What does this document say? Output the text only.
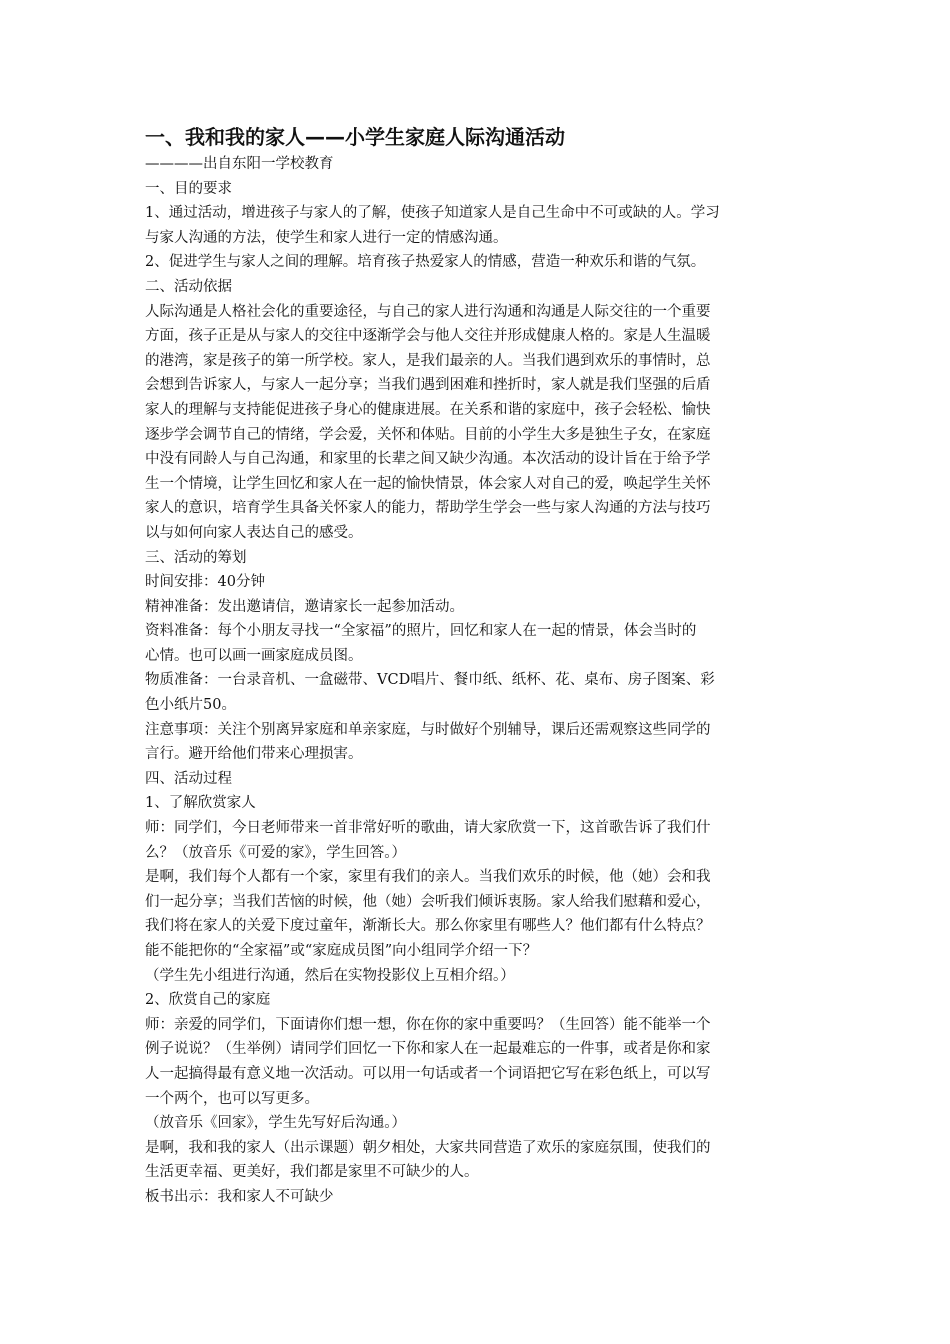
一、我和我的家人——小学生家庭人际沟通活动

————出自东阳一学校教育

一、目的要求

1、通过活动，增进孩子与家人的了解，使孩子知道家人是自己生命中不可或缺的人。学习

与家人沟通的方法，使学生和家人进行一定的情感沟通。

2、促进学生与家人之间的理解。培育孩子热爱家人的情感，营造一种欢乐和谐的气氛。

二、活动依据

人际沟通是人格社会化的重要途径，与自己的家人进行沟通和沟通是人际交往的一个重要

方面，孩子正是从与家人的交往中逐渐学会与他人交往并形成健康人格的。家是人生温暖

的港湾，家是孩子的第一所学校。家人，是我们最亲的人。当我们遇到欢乐的事情时，总

会想到告诉家人，与家人一起分享；当我们遇到困难和挫折时，家人就是我们坚强的后盾

家人的理解与支持能促进孩子身心的健康进展。在关系和谐的家庭中，孩子会轻松、愉快

逐步学会调节自己的情绪，学会爱，关怀和体贴。目前的小学生大多是独生子女，在家庭

中没有同龄人与自己沟通，和家里的长辈之间又缺少沟通。本次活动的设计旨在于给予学

生一个情境，让学生回忆和家人在一起的愉快情景，体会家人对自己的爱，唤起学生关怀

家人的意识，培育学生具备关怀家人的能力，帮助学生学会一些与家人沟通的方法与技巧

以与如何向家人表达自己的感受。

三、活动的筹划

时间安排：40分钟

精神准备：发出邀请信，邀请家长一起参加活动。

资料准备：每个小朋友寻找一“全家福”的照片，回忆和家人在一起的情景，体会当时的

心情。也可以画一画家庭成员图。

物质准备：一台录音机、一盒磁带、VCD唱片、餐巾纸、纸杯、花、桌布、房子图案、彩

色小纸片50。

注意事项：关注个别离异家庭和单亲家庭，与时做好个别辅导，课后还需观察这些同学的

言行。避开给他们带来心理损害。

四、活动过程

1、了解欣赏家人

师：同学们，今日老师带来一首非常好听的歌曲，请大家欣赏一下，这首歌告诉了我们什

么？（放音乐《可爱的家》，学生回答。）

是啊，我们每个人都有一个家，家里有我们的亲人。当我们欢乐的时候，他（她）会和我

们一起分享；当我们苦恼的时候，他（她）会听我们倾诉衷肠。家人给我们慰藉和爱心，

我们将在家人的关爱下度过童年，渐渐长大。那么你家里有哪些人？他们都有什么特点？

能不能把你的“全家福”或“家庭成员图”向小组同学介绍一下？

（学生先小组进行沟通，然后在实物投影仪上互相介绍。）

2、欣赏自己的家庭

师：亲爱的同学们，下面请你们想一想，你在你的家中重要吗？（生回答）能不能举一个

例子说说？（生举例）请同学们回忆一下你和家人在一起最难忘的一件事，或者是你和家

人一起搞得最有意义地一次活动。可以用一句话或者一个词语把它写在彩色纸上，可以写

一个两个，也可以写更多。

（放音乐《回家》，学生先写好后沟通。）

是啊，我和我的家人（出示课题）朝夕相处，大家共同营造了欢乐的家庭氛围，使我们的

生活更幸福、更美好，我们都是家里不可缺少的人。

板书出示：我和家人不可缺少
